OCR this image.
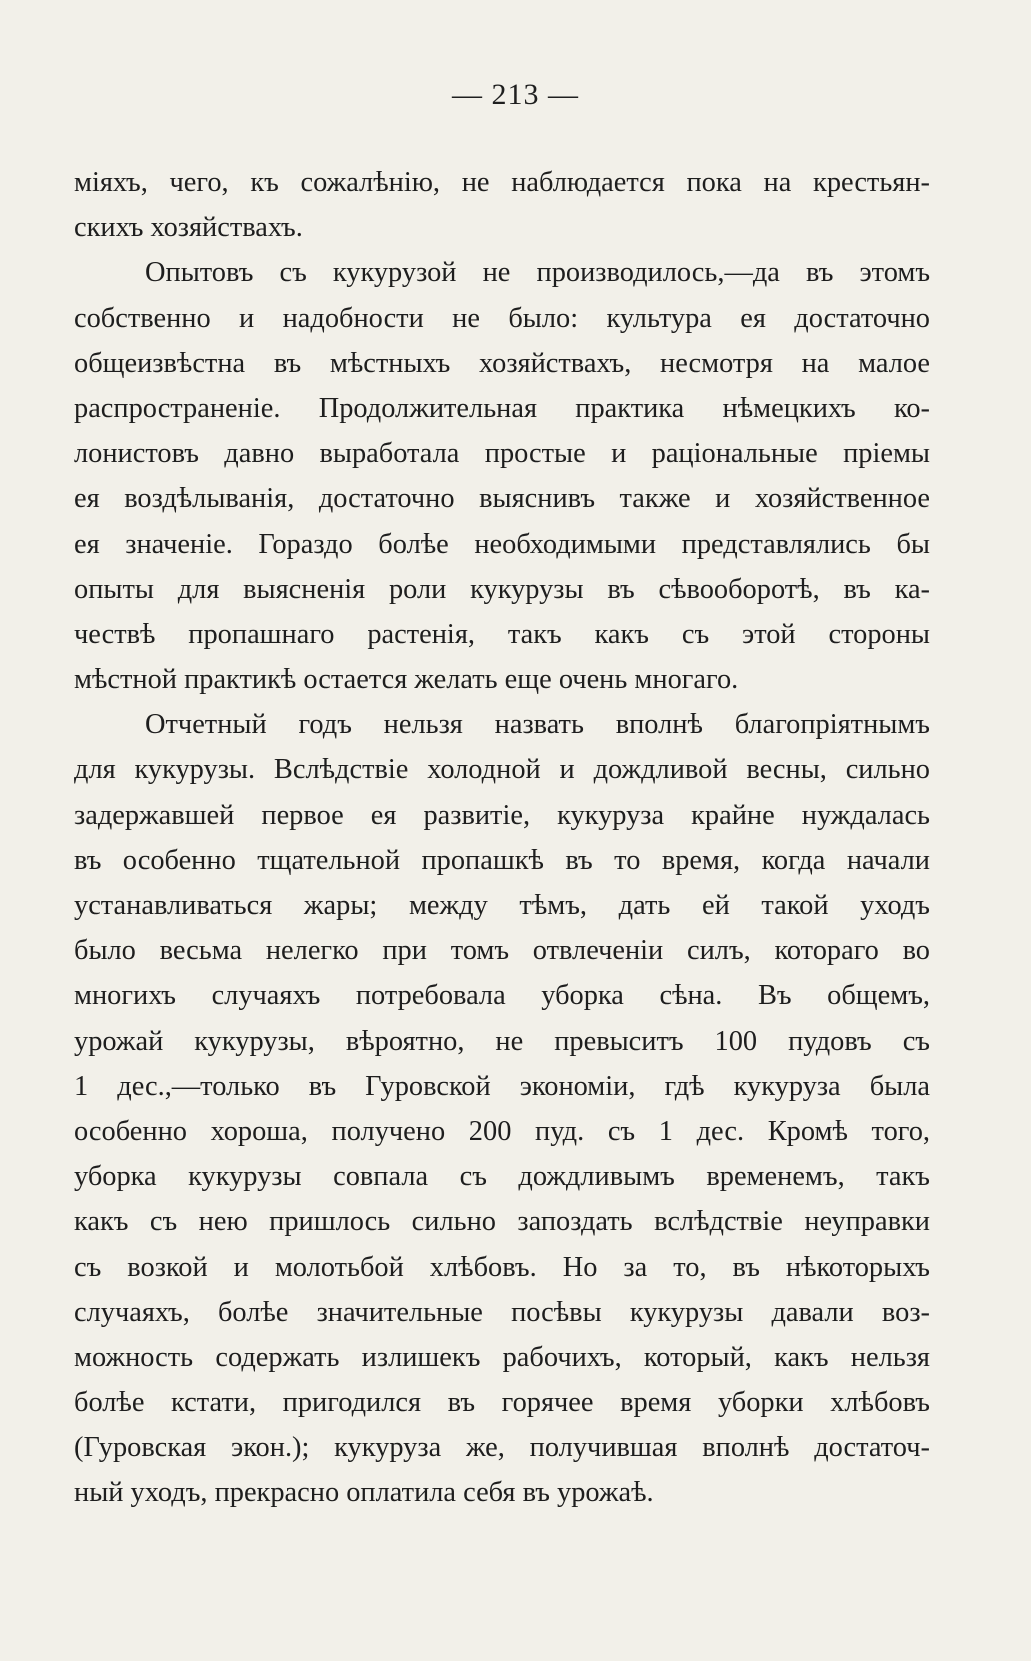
— 213 —
міяхъ, чего, къ сожалѣнію, не наблюдается пока на крестьян-
скихъ хозяйствахъ.
Опытовъ съ кукурузой не производилось,—да въ этомъ
собственно и надобности не было: культура ея достаточно
общеизвѣстна въ мѣстныхъ хозяйствахъ, несмотря на малое
распространеніе. Продолжительная практика нѣмецкихъ ко-
лонистовъ давно выработала простые и раціональные пріемы
ея воздѣлыванія, достаточно выяснивъ также и хозяйственное
ея значеніе. Гораздо болѣе необходимыми представлялись бы
опыты для выясненія роли кукурузы въ сѣвооборотѣ, въ ка-
чествѣ пропашнаго растенія, такъ какъ съ этой стороны
мѣстной практикѣ остается желать еще очень многаго.
Отчетный годъ нельзя назвать вполнѣ благопріятнымъ
для кукурузы. Вслѣдствіе холодной и дождливой весны, сильно
задержавшей первое ея развитіе, кукуруза крайне нуждалась
въ особенно тщательной пропашкѣ въ то время, когда начали
устанавливаться жары; между тѣмъ, дать ей такой уходъ
было весьма нелегко при томъ отвлеченіи силъ, котораго во
многихъ случаяхъ потребовала уборка сѣна. Въ общемъ,
урожай кукурузы, вѣроятно, не превыситъ 100 пудовъ съ
1 дес.,—только въ Гуровской экономіи, гдѣ кукуруза была
особенно хороша, получено 200 пуд. съ 1 дес. Кромѣ того,
уборка кукурузы совпала съ дождливымъ временемъ, такъ
какъ съ нею пришлось сильно запоздать вслѣдствіе неуправки
съ возкой и молотьбой хлѣбовъ. Но за то, въ нѣкоторыхъ
случаяхъ, болѣе значительные посѣвы кукурузы давали воз-
можность содержать излишекъ рабочихъ, который, какъ нельзя
болѣе кстати, пригодился въ горячее время уборки хлѣбовъ
(Гуровская экон.); кукуруза же, получившая вполнѣ достаточ-
ный уходъ, прекрасно оплатила себя въ урожаѣ.
